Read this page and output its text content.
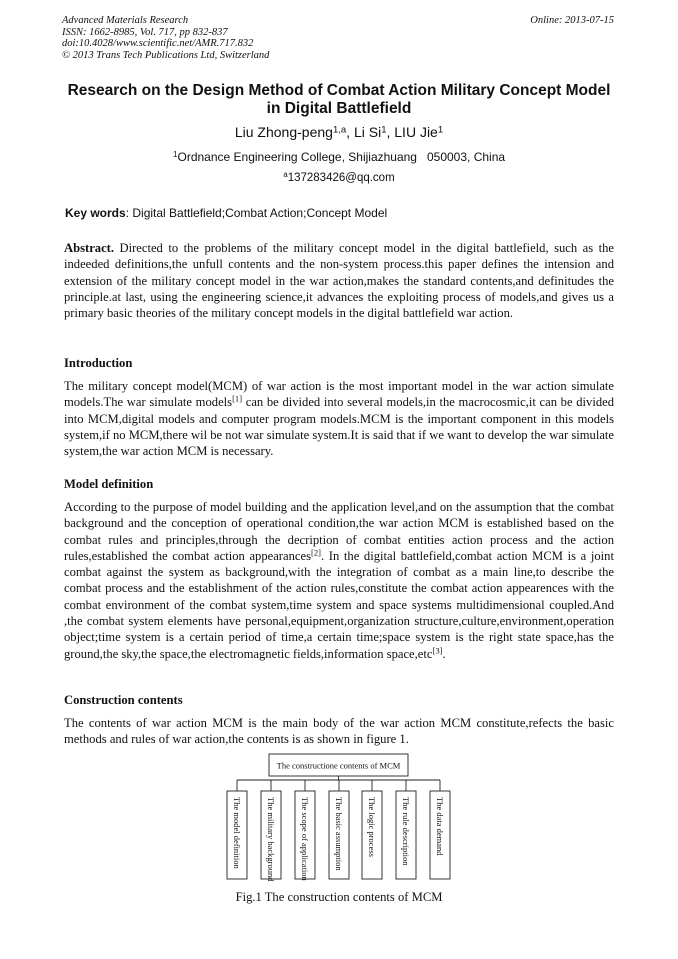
Advanced Materials Research
ISSN: 1662-8985, Vol. 717, pp 832-837
doi:10.4028/www.scientific.net/AMR.717.832
© 2013 Trans Tech Publications Ltd, Switzerland
Online: 2013-07-15
Research on the Design Method of Combat Action Military Concept Model in Digital Battlefield
Liu Zhong-peng$^{1,a}$, Li Si$^1$, LIU Jie$^1$
$^1$Ordnance Engineering College, Shijiazhuang   050003, China
$^a$137283426@qq.com
Key words: Digital Battlefield;Combat Action;Concept Model
Abstract. Directed to the problems of the military concept model in the digital battlefield, such as the indeeded definitions,the unfull contents and the non-system process.this paper defines the intension and extension of the military concept model in the war action,makes the standard contents,and definitudes the principle.at last, using the engineering science,it advances the exploiting process of models,and gives us a primary basic theories of the military concept models in the digital battlefield war action.
Introduction
The military concept model(MCM) of war action is the most important model in the war action simulate models.The war simulate models[1] can be divided into several models,in the macrocosmic,it can be divided into MCM,digital models and computer program models.MCM is the important component in this models system,if no MCM,there wil be not war simulate system.It is said that if we want to develop the war simulate system,the war action MCM is necessary.
Model definition
According to the purpose of model building and the application level,and on the assumption that the combat background and the conception of operational condition,the war action MCM is established based on the combat rules and principles,through the decription of combat entities action process and the action rules,established the combat action appearances[2]. In the digital battlefield,combat action MCM is a joint combat against the system as background,with the integration of combat as a main line,to describe the combat process and the establishment of the action rules,constitute the combat action appearences with the combat environment of the combat system,time system and space systems multidimensional coupled.And ,the combat system elements have personal,equipment,organization structure,culture,environment,operation object;time system is a certain period of time,a certain time;space system is the right state space,has the ground,the sky,the space,the electromagnetic fields,information space,etc[3].
Construction contents
The contents of war action MCM is the main body of the war action MCM constitute,refects the basic methods and rules of war action,the contents is as shown in figure 1.
The constructione contents of MCM
The model definition	The military background	The scope of application	The basic assumption	The logic process	The rule description	The data demand
Fig.1 The construction contents of MCM
